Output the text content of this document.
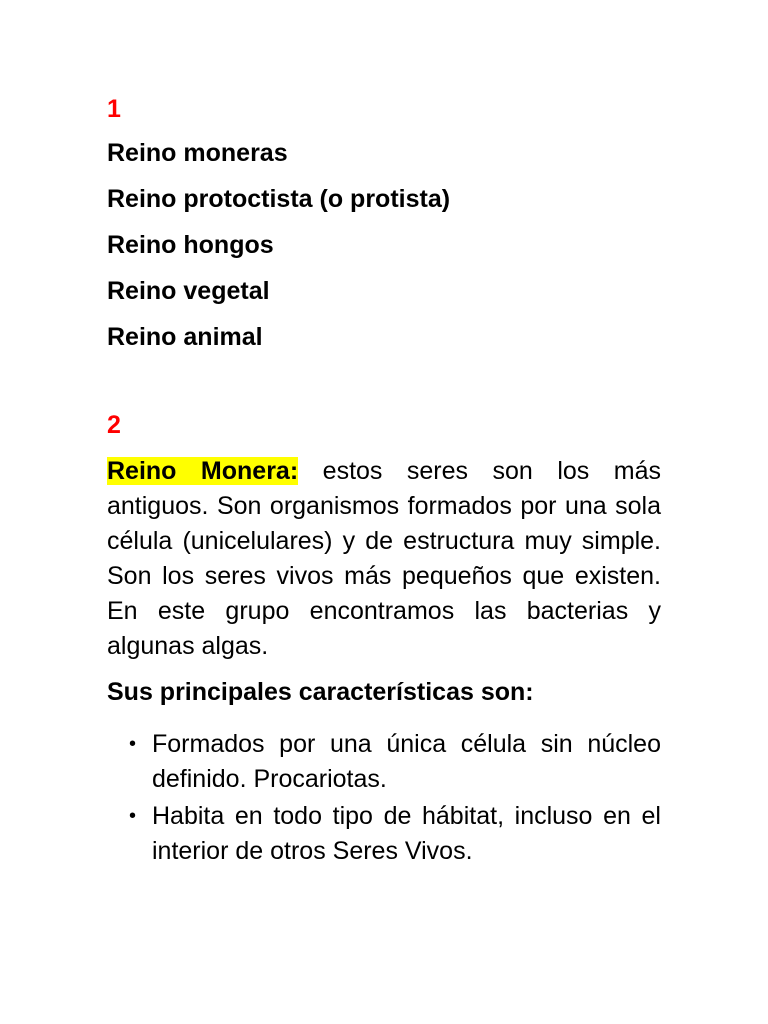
1
Reino moneras
Reino protoctista (o protista)
Reino hongos
Reino vegetal
Reino animal
2

Reino Monera: estos seres son los más antiguos. Son organismos formados por una sola célula (unicelulares) y de estructura muy simple. Son los seres vivos más pequeños que existen. En este grupo encontramos las bacterias y algunas algas.

Sus principales características son:

• Formados por una única célula sin núcleo definido. Procariotas.
• Habita en todo tipo de hábitat, incluso en el interior de otros Seres Vivos.
